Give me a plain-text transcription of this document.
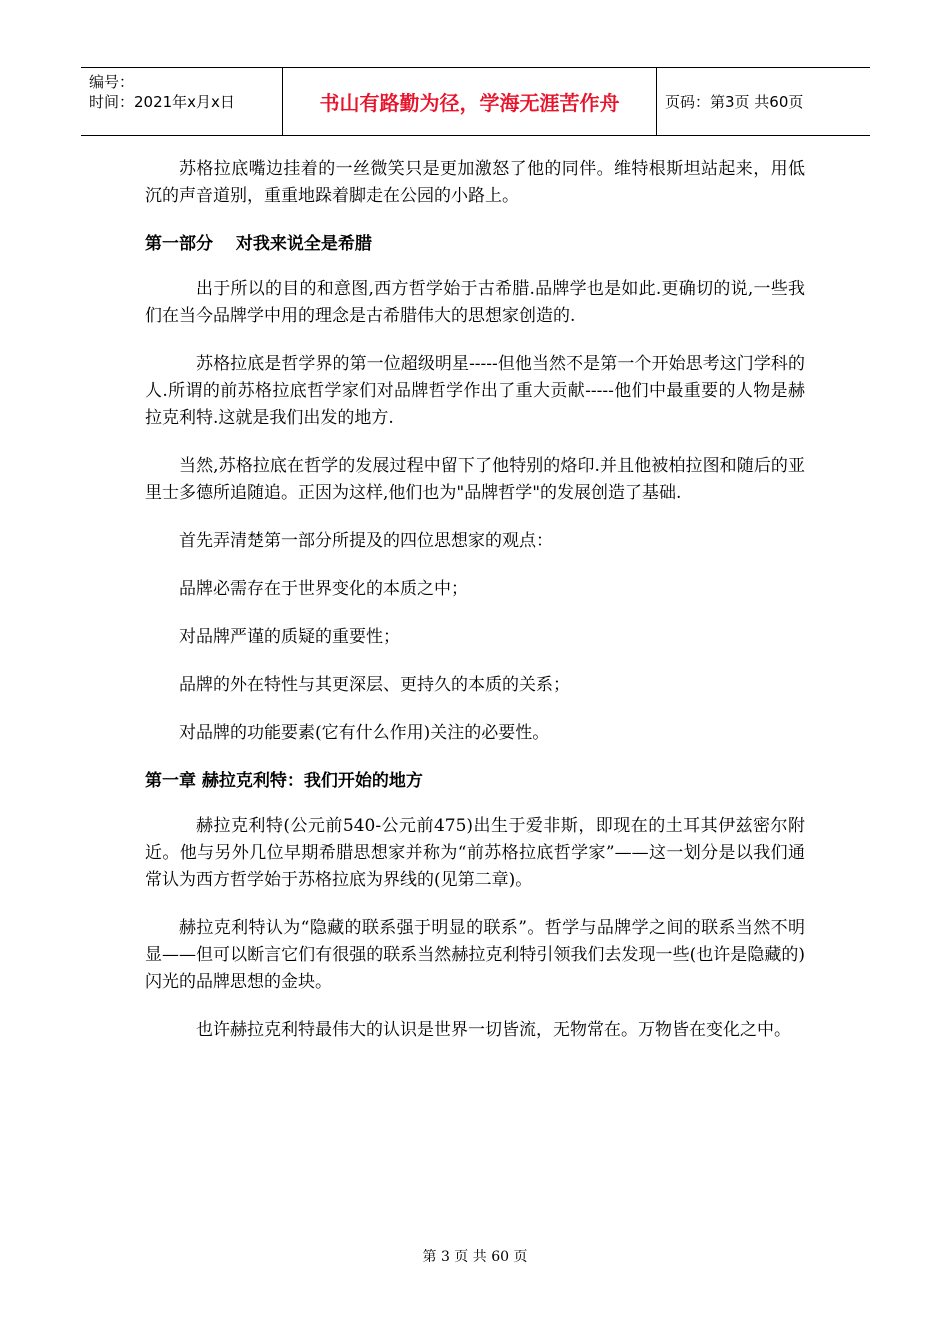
编号：
时间：2021年x月x日	书山有路勤为径，学海无涯苦作舟	页码：第3页 共60页

苏格拉底嘴边挂着的一丝微笑只是更加激怒了他的同伴。维特根斯坦站起来，用低沉的声音道别，重重地跺着脚走在公园的小路上。

第一部分　 对我来说全是希腊

出于所以的目的和意图,西方哲学始于古希腊.品牌学也是如此.更确切的说,一些我们在当今品牌学中用的理念是古希腊伟大的思想家创造的.

苏格拉底是哲学界的第一位超级明星-----但他当然不是第一个开始思考这门学科的人.所谓的前苏格拉底哲学家们对品牌哲学作出了重大贡献-----他们中最重要的人物是赫拉克利特.这就是我们出发的地方.

当然,苏格拉底在哲学的发展过程中留下了他特别的烙印.并且他被柏拉图和随后的亚里士多德所追随追。正因为这样,他们也为"品牌哲学"的发展创造了基础.

首先弄清楚第一部分所提及的四位思想家的观点：

品牌必需存在于世界变化的本质之中；

对品牌严谨的质疑的重要性；

品牌的外在特性与其更深层、更持久的本质的关系；

对品牌的功能要素(它有什么作用)关注的必要性。

第一章 赫拉克利特：我们开始的地方

赫拉克利特(公元前540-公元前475)出生于爱非斯，即现在的土耳其伊兹密尔附近。他与另外几位早期希腊思想家并称为“前苏格拉底哲学家”——这一划分是以我们通常认为西方哲学始于苏格拉底为界线的(见第二章)。

赫拉克利特认为“隐藏的联系强于明显的联系”。哲学与品牌学之间的联系当然不明显——但可以断言它们有很强的联系当然赫拉克利特引领我们去发现一些(也许是隐藏的)闪光的品牌思想的金块。

也许赫拉克利特最伟大的认识是世界一切皆流，无物常在。万物皆在变化之中。

第 3 页 共 60 页
